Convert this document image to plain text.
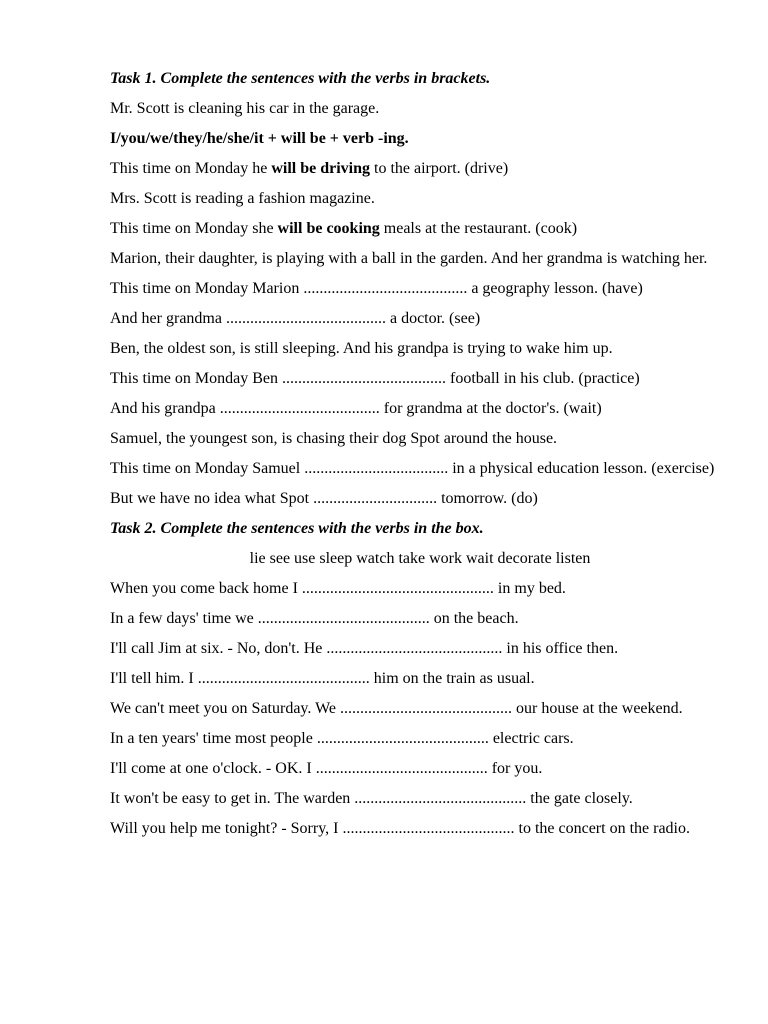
Task 1. Complete the sentences with the verbs in brackets.
Mr. Scott is cleaning his car in the garage.
I/you/we/they/he/she/it + will be + verb -ing.
This time on Monday he will be driving to the airport. (drive)
Mrs. Scott is reading a fashion magazine.
This time on Monday she will be cooking meals at the restaurant. (cook)
Marion, their daughter, is playing with a ball in the garden. And her grandma is watching her.
This time on Monday Marion ......................................... a geography lesson. (have)
And her grandma ........................................ a doctor. (see)
Ben, the oldest son, is still sleeping. And his grandpa is trying to wake him up.
This time on Monday Ben ......................................... football in his club. (practice)
And his grandpa ........................................ for grandma at the doctor's. (wait)
Samuel, the youngest son, is chasing their dog Spot around the house.
This time on Monday Samuel .................................... in a physical education lesson. (exercise)
But we have no idea what Spot ............................... tomorrow. (do)
Task 2. Complete the sentences with the verbs in the box.
lie see use sleep watch take work wait decorate listen
When you come back home I ................................................ in my bed.
In a few days' time we ........................................... on the beach.
I'll call Jim at six. - No, don't. He ............................................ in his office then.
I'll tell him. I ........................................... him on the train as usual.
We can't meet you on Saturday. We ........................................... our house at the weekend.
In a ten years' time most people ........................................... electric cars.
I'll come at one o'clock. - OK. I ........................................... for you.
It won't be easy to get in. The warden ........................................... the gate closely.
Will you help me tonight? - Sorry, I ........................................... to the concert on the radio.
